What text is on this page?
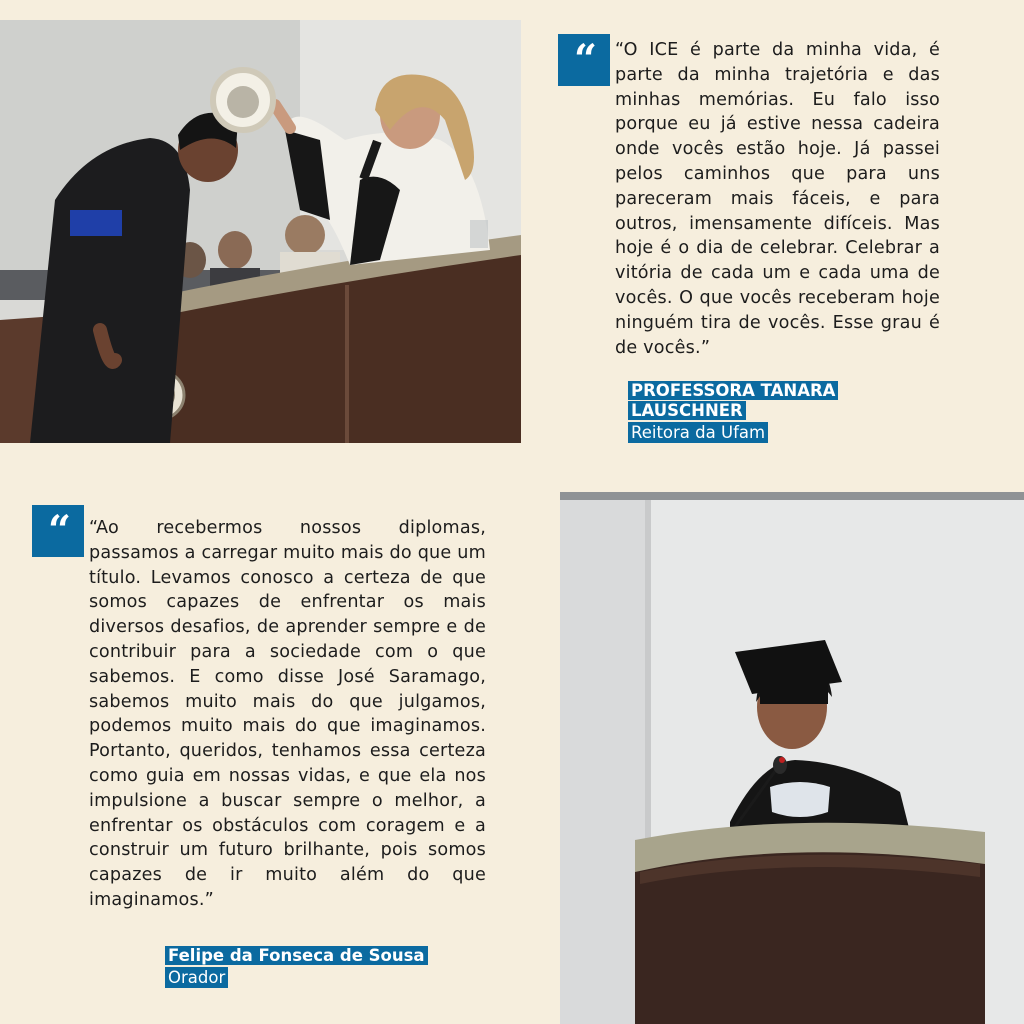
“	“O ICE é parte da minha vida, é parte da minha trajetória e das minhas memórias. Eu falo isso porque eu já estive nessa cadeira onde vocês estão hoje. Já passei pelos caminhos que para uns pareceram mais fáceis, e para outros, imensamente difíceis. Mas hoje é o dia de celebrar. Celebrar a vitória de cada um e cada uma de vocês. O que vocês receberam hoje ninguém tira de vocês. Esse grau é de vocês.”

PROFESSORA TANARA LAUSCHNER
Reitora da Ufam
“	“Ao recebermos nossos diplomas, passamos a carregar muito mais do que um título. Levamos conosco a certeza de que somos capazes de enfrentar os mais diversos desafios, de aprender sempre e de contribuir para a sociedade com o que sabemos. E como disse José Saramago, sabemos muito mais do que julgamos, podemos muito mais do que imaginamos. Portanto, queridos, tenhamos essa certeza como guia em nossas vidas, e que ela nos impulsione a buscar sempre o melhor, a enfrentar os obstáculos com coragem e a construir um futuro brilhante, pois somos capazes de ir muito além do que imaginamos.”

Felipe da Fonseca de Sousa
Orador
